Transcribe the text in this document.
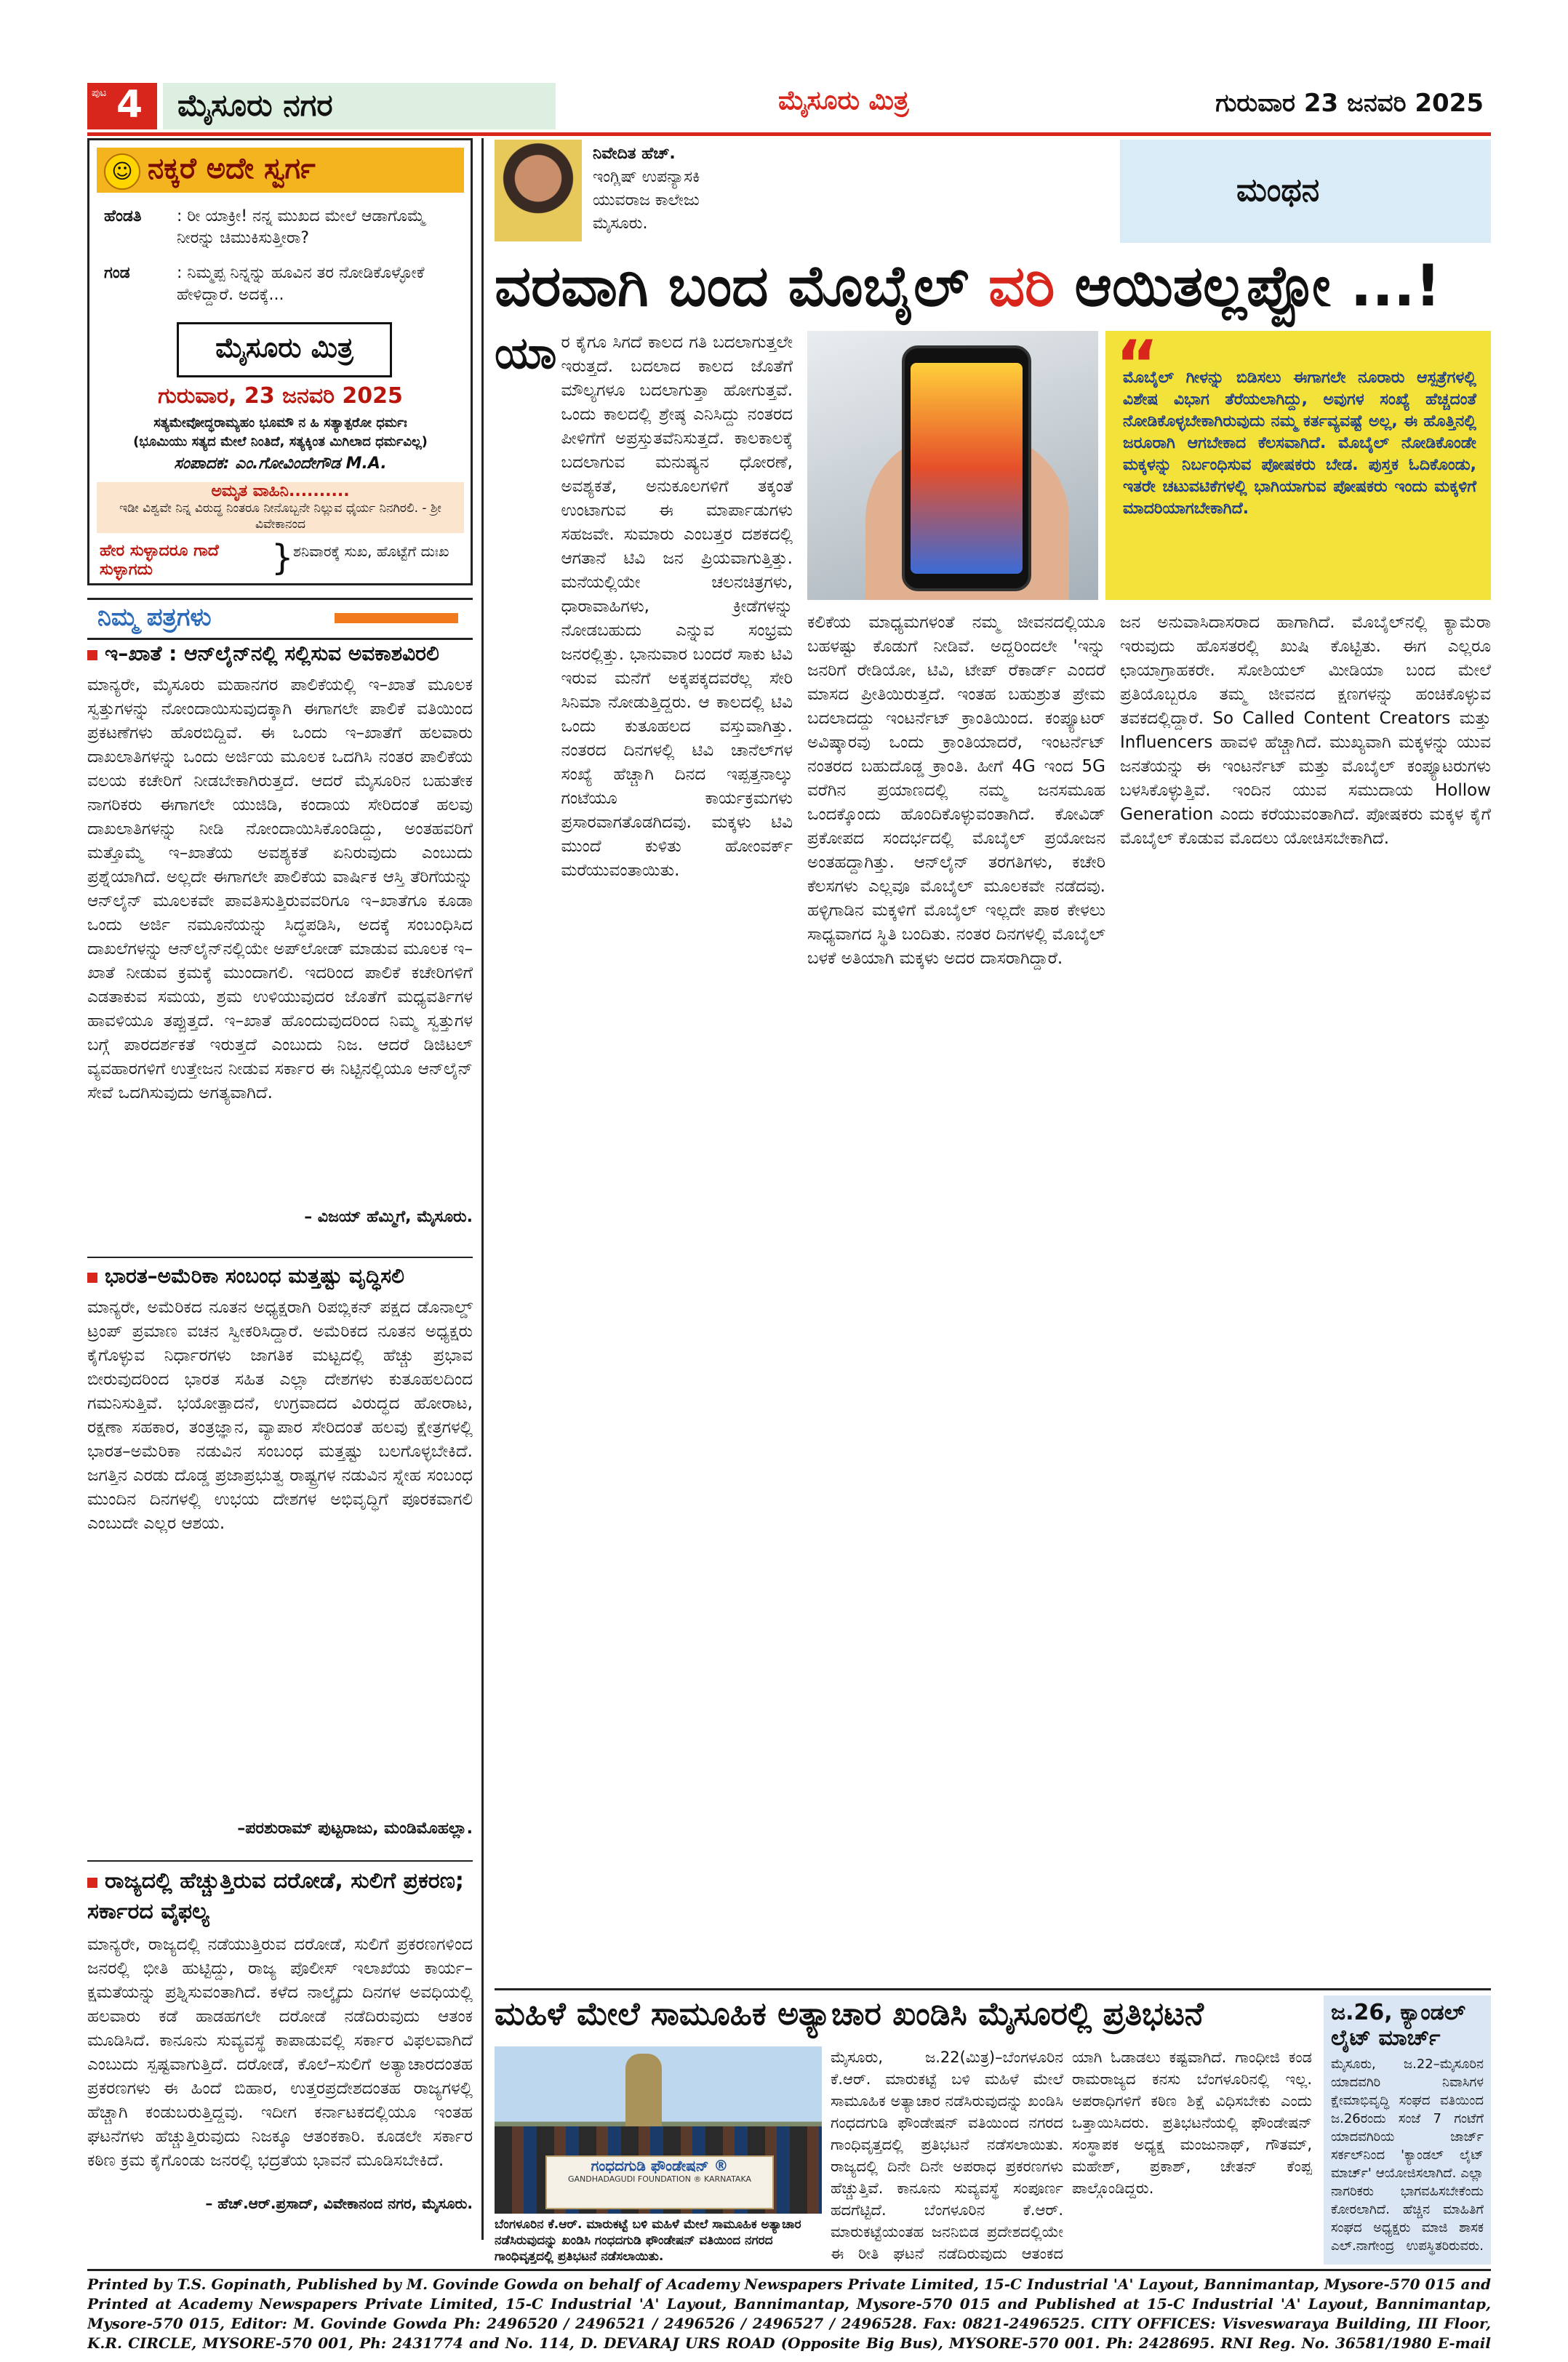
ಪುಟ 4 ಮೈಸೂರು ನಗರ	ಮೈಸೂರು ಮಿತ್ರ	ಗುರುವಾರ 23 ಜನವರಿ 2025
☺ ನಕ್ಕರೆ ಅದೇ ಸ್ವರ್ಗ
ಹೆಂಡತಿ : ರೀ ಯಾಕ್ರೀ! ನನ್ನ ಮುಖದ ಮೇಲೆ ಆಡಾಗೊಮ್ಮೆ ನೀರನ್ನು ಚಿಮುಕಿಸುತ್ತೀರಾ?
ಗಂಡ	: ನಿಮ್ಮಪ್ಪ ನಿನ್ನನ್ನು ಹೂವಿನ ತರ ನೋಡಿಕೊಳ್ಳೋಕೆ ಹೇಳಿದ್ದಾರೆ. ಅದಕ್ಕೆ...
ಮೈಸೂರು ಮಿತ್ರ
ಗುರುವಾರ, 23 ಜನವರಿ 2025
ಸತ್ಯಮೇವೋದ್ಧರಾಮ್ಯಹಂ ಭೂಮೌ ನ ಹಿ ಸತ್ಯಾತ್ಪರೋ ಧರ್ಮಃ
(ಭೂಮಿಯು ಸತ್ಯದ ಮೇಲೆ ನಿಂತಿದೆ, ಸತ್ಯಕ್ಕಿಂತ ಮಿಗಿಲಾದ ಧರ್ಮವಿಲ್ಲ)
ಸಂಪಾದಕ: ಎಂ.ಗೋವಿಂದೇಗೌಡ M.A.
ಅಮೃತ ವಾಹಿನಿ..........
ಇಡೀ ವಿಶ್ವವೇ ನಿನ್ನ ವಿರುದ್ಧ ನಿಂತರೂ ನೀನೊಬ್ಬನೇ ನಿಲ್ಲುವ ಧೈರ್ಯ ನಿನಗಿರಲಿ. - ಶ್ರೀ ವಿವೇಕಾನಂದ
ಹೇರ ಸುಳ್ಳಾದರೂ ಗಾದೆ ಸುಳ್ಳಾಗದು	} ಶನಿವಾರಕ್ಕೆ ಸುಖ, ಹೊಟ್ಟೆಗೆ ದುಃಖ
ನಿಮ್ಮ ಪತ್ರಗಳು
ಇ–ಖಾತೆ : ಆನ್‌ಲೈನ್‌ನಲ್ಲಿ ಸಲ್ಲಿಸುವ ಅವಕಾಶವಿರಲಿ
ಮಾನ್ಯರೇ, ಮೈಸೂರು ಮಹಾನಗರ ಪಾಲಿಕೆಯಲ್ಲಿ ಇ–ಖಾತೆ ಮೂಲಕ ಸ್ವತ್ತುಗಳನ್ನು ನೋಂದಾಯಿಸುವುದಕ್ಕಾಗಿ ಈಗಾಗಲೇ ಪಾಲಿಕೆ ವತಿಯಿಂದ ಪ್ರಕಟಣೆಗಳು ಹೊರಬಿದ್ದಿವೆ. ಈ ಒಂದು ಇ–ಖಾತೆಗೆ ಹಲವಾರು ದಾಖಲಾತಿಗಳನ್ನು ಒಂದು ಅರ್ಜಿಯ ಮೂಲಕ ಒದಗಿಸಿ ನಂತರ ಪಾಲಿಕೆಯ ವಲಯ ಕಚೇರಿಗೆ ನೀಡಬೇಕಾಗಿರುತ್ತದೆ. ಆದರೆ ಮೈಸೂರಿನ ಬಹುತೇಕ ನಾಗರಿಕರು ಈಗಾಗಲೇ ಯುಜಿಡಿ, ಕಂದಾಯ ಸೇರಿದಂತೆ ಹಲವು ದಾಖಲಾತಿಗಳನ್ನು ನೀಡಿ ನೋಂದಾಯಿಸಿಕೊಂಡಿದ್ದು, ಅಂತಹವರಿಗೆ ಮತ್ತೊಮ್ಮೆ ಇ–ಖಾತೆಯ ಅವಶ್ಯಕತೆ ಏನಿರುವುದು ಎಂಬುದು ಪ್ರಶ್ನೆಯಾಗಿದೆ. ಅಲ್ಲದೇ ಈಗಾಗಲೇ ಪಾಲಿಕೆಯ ವಾರ್ಷಿಕ ಆಸ್ತಿ ತೆರಿಗೆಯನ್ನು ಆನ್‌ಲೈನ್ ಮೂಲಕವೇ ಪಾವತಿಸುತ್ತಿರುವವರಿಗೂ ಇ–ಖಾತೆಗೂ ಕೂಡಾ ಒಂದು ಅರ್ಜಿ ನಮೂನೆಯನ್ನು ಸಿದ್ಧಪಡಿಸಿ, ಅದಕ್ಕೆ ಸಂಬಂಧಿಸಿದ ದಾಖಲೆಗಳನ್ನು ಆನ್‌ಲೈನ್‌ನಲ್ಲಿಯೇ ಅಪ್‌ಲೋಡ್ ಮಾಡುವ ಮೂಲಕ ಇ–ಖಾತೆ ನೀಡುವ ಕ್ರಮಕ್ಕೆ ಮುಂದಾಗಲಿ. ಇದರಿಂದ ಪಾಲಿಕೆ ಕಚೇರಿಗಳಿಗೆ ಎಡತಾಕುವ ಸಮಯ, ಶ್ರಮ ಉಳಿಯುವುದರ ಜೊತೆಗೆ ಮಧ್ಯವರ್ತಿಗಳ ಹಾವಳಿಯೂ ತಪ್ಪುತ್ತದೆ. ಇ–ಖಾತೆ ಹೊಂದುವುದರಿಂದ ನಿಮ್ಮ ಸ್ವತ್ತುಗಳ ಬಗ್ಗೆ ಪಾರದರ್ಶಕತೆ ಇರುತ್ತದೆ ಎಂಬುದು ನಿಜ. ಆದರೆ ಡಿಜಿಟಲ್ ವ್ಯವಹಾರಗಳಿಗೆ ಉತ್ತೇಜನ ನೀಡುವ ಸರ್ಕಾರ ಈ ನಿಟ್ಟಿನಲ್ಲಿಯೂ ಆನ್‌ಲೈನ್ ಸೇವೆ ಒದಗಿಸುವುದು ಅಗತ್ಯವಾಗಿದೆ.
– ವಿಜಯ್ ಹೆಮ್ಮಿಗೆ, ಮೈಸೂರು.
ಭಾರತ–ಅಮೆರಿಕಾ ಸಂಬಂಧ ಮತ್ತಷ್ಟು ವೃದ್ಧಿಸಲಿ
ಮಾನ್ಯರೇ, ಅಮೆರಿಕದ ನೂತನ ಅಧ್ಯಕ್ಷರಾಗಿ ರಿಪಬ್ಲಿಕನ್ ಪಕ್ಷದ ಡೊನಾಲ್ಡ್ ಟ್ರಂಪ್ ಪ್ರಮಾಣ ವಚನ ಸ್ವೀಕರಿಸಿದ್ದಾರೆ. ಅಮೆರಿಕದ ನೂತನ ಅಧ್ಯಕ್ಷರು ಕೈಗೊಳ್ಳುವ ನಿರ್ಧಾರಗಳು ಜಾಗತಿಕ ಮಟ್ಟದಲ್ಲಿ ಹೆಚ್ಚು ಪ್ರಭಾವ ಬೀರುವುದರಿಂದ ಭಾರತ ಸಹಿತ ಎಲ್ಲಾ ದೇಶಗಳು ಕುತೂಹಲದಿಂದ ಗಮನಿಸುತ್ತಿವೆ. ಭಯೋತ್ಪಾದನೆ, ಉಗ್ರವಾದದ ವಿರುದ್ಧದ ಹೋರಾಟ, ರಕ್ಷಣಾ ಸಹಕಾರ, ತಂತ್ರಜ್ಞಾನ, ವ್ಯಾಪಾರ ಸೇರಿದಂತೆ ಹಲವು ಕ್ಷೇತ್ರಗಳಲ್ಲಿ ಭಾರತ–ಅಮೆರಿಕಾ ನಡುವಿನ ಸಂಬಂಧ ಮತ್ತಷ್ಟು ಬಲಗೊಳ್ಳಬೇಕಿದೆ. ಜಗತ್ತಿನ ಎರಡು ದೊಡ್ಡ ಪ್ರಜಾಪ್ರಭುತ್ವ ರಾಷ್ಟ್ರಗಳ ನಡುವಿನ ಸ್ನೇಹ ಸಂಬಂಧ ಮುಂದಿನ ದಿನಗಳಲ್ಲಿ ಉಭಯ ದೇಶಗಳ ಅಭಿವೃದ್ಧಿಗೆ ಪೂರಕವಾಗಲಿ ಎಂಬುದೇ ಎಲ್ಲರ ಆಶಯ.
–ಪರಶುರಾಮ್ ಪುಟ್ಟರಾಜು, ಮಂಡಿಮೊಹಲ್ಲಾ.
ರಾಜ್ಯದಲ್ಲಿ ಹೆಚ್ಚುತ್ತಿರುವ ದರೋಡೆ, ಸುಲಿಗೆ ಪ್ರಕರಣ; ಸರ್ಕಾರದ ವೈಫಲ್ಯ
ಮಾನ್ಯರೇ, ರಾಜ್ಯದಲ್ಲಿ ನಡೆಯುತ್ತಿರುವ ದರೋಡೆ, ಸುಲಿಗೆ ಪ್ರಕರಣಗಳಿಂದ ಜನರಲ್ಲಿ ಭೀತಿ ಹುಟ್ಟಿದ್ದು, ರಾಜ್ಯ ಪೊಲೀಸ್ ಇಲಾಖೆಯ ಕಾರ್ಯ–ಕ್ಷಮತೆಯನ್ನು ಪ್ರಶ್ನಿಸುವಂತಾಗಿದೆ. ಕಳೆದ ನಾಲ್ಕೈದು ದಿನಗಳ ಅವಧಿಯಲ್ಲಿ ಹಲವಾರು ಕಡೆ ಹಾಡಹಗಲೇ ದರೋಡೆ ನಡೆದಿರುವುದು ಆತಂಕ ಮೂಡಿಸಿದೆ. ಕಾನೂನು ಸುವ್ಯವಸ್ಥೆ ಕಾಪಾಡುವಲ್ಲಿ ಸರ್ಕಾರ ವಿಫಲವಾಗಿದೆ ಎಂಬುದು ಸ್ಪಷ್ಟವಾಗುತ್ತಿದೆ. ದರೋಡೆ, ಕೊಲೆ–ಸುಲಿಗೆ ಅತ್ಯಾಚಾರದಂತಹ ಪ್ರಕರಣಗಳು ಈ ಹಿಂದೆ ಬಿಹಾರ, ಉತ್ತರಪ್ರದೇಶದಂತಹ ರಾಜ್ಯಗಳಲ್ಲಿ ಹೆಚ್ಚಾಗಿ ಕಂಡುಬರುತ್ತಿದ್ದವು. ಇದೀಗ ಕರ್ನಾಟಕದಲ್ಲಿಯೂ ಇಂತಹ ಘಟನೆಗಳು ಹೆಚ್ಚುತ್ತಿರುವುದು ನಿಜಕ್ಕೂ ಆತಂಕಕಾರಿ. ಕೂಡಲೇ ಸರ್ಕಾರ ಕಠಿಣ ಕ್ರಮ ಕೈಗೊಂಡು ಜನರಲ್ಲಿ ಭದ್ರತೆಯ ಭಾವನೆ ಮೂಡಿಸಬೇಕಿದೆ.
– ಹೆಚ್.ಆರ್.ಪ್ರಸಾದ್, ವಿವೇಕಾನಂದ ನಗರ, ಮೈಸೂರು.
ನಿವೇದಿತ ಹೆಚ್.
ಇಂಗ್ಲಿಷ್ ಉಪನ್ಯಾಸಕಿ
ಯುವರಾಜ ಕಾಲೇಜು
ಮೈಸೂರು.
ಮಂಥನ
ವರವಾಗಿ ಬಂದ ಮೊಬೈಲ್ ವರಿ ಆಯಿತಲ್ಲಪ್ಪೋ ...!
ಯಾ ರ ಕೈಗೂ ಸಿಗದೆ ಕಾಲದ ಗತಿ ಬದಲಾಗುತ್ತಲೇ ಇರುತ್ತದೆ. ಬದಲಾದ ಕಾಲದ ಜೊತೆಗೆ ಮೌಲ್ಯಗಳೂ ಬದಲಾಗುತ್ತಾ ಹೋಗುತ್ತವೆ. ಒಂದು ಕಾಲದಲ್ಲಿ ಶ್ರೇಷ್ಠ ಎನಿಸಿದ್ದು ನಂತರದ ಪೀಳಿಗೆಗೆ ಅಪ್ರಸ್ತುತವೆನಿಸುತ್ತದೆ. ಕಾಲಕಾಲಕ್ಕೆ ಬದಲಾಗುವ ಮನುಷ್ಯನ ಧೋರಣೆ, ಅವಶ್ಯಕತೆ, ಅನುಕೂಲಗಳಿಗೆ ತಕ್ಕಂತೆ ಉಂಟಾಗುವ ಈ ಮಾರ್ಪಾಡುಗಳು ಸಹಜವೇ. ಸುಮಾರು ಎಂಬತ್ತರ ದಶಕದಲ್ಲಿ ಆಗತಾನೆ ಟಿವಿ ಜನ ಪ್ರಿಯವಾಗುತ್ತಿತ್ತು. ಮನೆಯಲ್ಲಿಯೇ ಚಲನಚಿತ್ರಗಳು, ಧಾರಾವಾಹಿಗಳು, ಕ್ರೀಡೆಗಳನ್ನು ನೋಡಬಹುದು ಎನ್ನುವ ಸಂಭ್ರಮ ಜನರಲ್ಲಿತ್ತು. ಭಾನುವಾರ ಬಂದರೆ ಸಾಕು ಟಿವಿ ಇರುವ ಮನೆಗೆ ಅಕ್ಕಪಕ್ಕದವರೆಲ್ಲ ಸೇರಿ ಸಿನಿಮಾ ನೋಡುತ್ತಿದ್ದರು. ಆ ಕಾಲದಲ್ಲಿ ಟಿವಿ ಒಂದು ಕುತೂಹಲದ ವಸ್ತುವಾಗಿತ್ತು. ನಂತರದ ದಿನಗಳಲ್ಲಿ ಟಿವಿ ಚಾನೆಲ್‌ಗಳ ಸಂಖ್ಯೆ ಹೆಚ್ಚಾಗಿ ದಿನದ ಇಪ್ಪತ್ತನಾಲ್ಕು ಗಂಟೆಯೂ ಕಾರ್ಯಕ್ರಮಗಳು ಪ್ರಸಾರವಾಗತೊಡಗಿದವು. ಮಕ್ಕಳು ಟಿವಿ ಮುಂದೆ ಕುಳಿತು ಹೋಂವರ್ಕ್ ಮರೆಯುವಂತಾಯಿತು.
“
ಮೊಬೈಲ್ ಗೀಳನ್ನು ಬಿಡಿಸಲು ಈಗಾಗಲೇ ನೂರಾರು ಆಸ್ಪತ್ರೆಗಳಲ್ಲಿ ವಿಶೇಷ ವಿಭಾಗ ತೆರೆಯಲಾಗಿದ್ದು, ಅವುಗಳ ಸಂಖ್ಯೆ ಹೆಚ್ಚದಂತೆ ನೋಡಿಕೊಳ್ಳಬೇಕಾಗಿರುವುದು ನಮ್ಮ ಕರ್ತವ್ಯವಷ್ಟೆ ಅಲ್ಲ, ಈ ಹೊತ್ತಿನಲ್ಲಿ ಜರೂರಾಗಿ ಆಗಬೇಕಾದ ಕೆಲಸವಾಗಿದೆ. ಮೊಬೈಲ್ ನೋಡಿಕೊಂಡೇ ಮಕ್ಕಳನ್ನು ನಿರ್ಬಂಧಿಸುವ ಪೋಷಕರು ಬೇಡ. ಪುಸ್ತಕ ಓದಿಕೊಂಡು, ಇತರೇ ಚಟುವಟಿಕೆಗಳಲ್ಲಿ ಭಾಗಿಯಾಗುವ ಪೋಷಕರು ಇಂದು ಮಕ್ಕಳಿಗೆ ಮಾದರಿಯಾಗಬೇಕಾಗಿದೆ.
ಕಲಿಕೆಯ ಮಾಧ್ಯಮಗಳಂತೆ ನಮ್ಮ ಜೀವನದಲ್ಲಿಯೂ ಬಹಳಷ್ಟು ಕೊಡುಗೆ ನೀಡಿವೆ. ಅದ್ದರಿಂದಲೇ 'ಇನ್ನು ಜನರಿಗೆ ರೇಡಿಯೋ, ಟಿವಿ, ಟೇಪ್ ರೆಕಾರ್ಡ್ ಎಂದರೆ ಮಾಸದ ಪ್ರೀತಿಯಿರುತ್ತದೆ. ಇಂತಹ ಬಹುಶ್ರುತ ಪ್ರೇಮ ಬದಲಾದದ್ದು ಇಂಟರ್ನೆಟ್ ಕ್ರಾಂತಿಯಿಂದ. ಕಂಪ್ಯೂಟರ್ ಅವಿಷ್ಕಾರವು ಒಂದು ಕ್ರಾಂತಿಯಾದರೆ, ಇಂಟರ್ನೆಟ್ ನಂತರದ ಬಹುದೊಡ್ಡ ಕ್ರಾಂತಿ. ಹೀಗೆ 4G ಇಂದ 5G ವರೆಗಿನ ಪ್ರಯಾಣದಲ್ಲಿ ನಮ್ಮ ಜನಸಮೂಹ ಒಂದಕ್ಕೊಂದು ಹೊಂದಿಕೊಳ್ಳುವಂತಾಗಿದೆ. ಕೋವಿಡ್ ಪ್ರಕೋಪದ ಸಂದರ್ಭದಲ್ಲಿ ಮೊಬೈಲ್ ಪ್ರಯೋಜನ ಅಂತಹದ್ದಾಗಿತ್ತು. ಆನ್‌ಲೈನ್ ತರಗತಿಗಳು, ಕಚೇರಿ ಕೆಲಸಗಳು ಎಲ್ಲವೂ ಮೊಬೈಲ್ ಮೂಲಕವೇ ನಡೆದವು. ಹಳ್ಳಿಗಾಡಿನ ಮಕ್ಕಳಿಗೆ ಮೊಬೈಲ್ ಇಲ್ಲದೇ ಪಾಠ ಕೇಳಲು ಸಾಧ್ಯವಾಗದ ಸ್ಥಿತಿ ಬಂದಿತು. ನಂತರ ದಿನಗಳಲ್ಲಿ ಮೊಬೈಲ್ ಬಳಕೆ ಅತಿಯಾಗಿ ಮಕ್ಕಳು ಅದರ ದಾಸರಾಗಿದ್ದಾರೆ.
ಜನ ಅನುವಾಸಿದಾಸರಾದ ಹಾಗಾಗಿದೆ. ಮೊಬೈಲ್‌ನಲ್ಲಿ ಕ್ಯಾಮೆರಾ ಇರುವುದು ಹೊಸತರಲ್ಲಿ ಖುಷಿ ಕೊಟ್ಟಿತು. ಈಗ ಎಲ್ಲರೂ ಛಾಯಾಗ್ರಾಹಕರೇ. ಸೋಶಿಯಲ್ ಮೀಡಿಯಾ ಬಂದ ಮೇಲೆ ಪ್ರತಿಯೊಬ್ಬರೂ ತಮ್ಮ ಜೀವನದ ಕ್ಷಣಗಳನ್ನು ಹಂಚಿಕೊಳ್ಳುವ ತವಕದಲ್ಲಿದ್ದಾರೆ. So Called Content Creators ಮತ್ತು Influencers ಹಾವಳಿ ಹೆಚ್ಚಾಗಿದೆ. ಮುಖ್ಯವಾಗಿ ಮಕ್ಕಳನ್ನು ಯುವ ಜನತೆಯನ್ನು ಈ ಇಂಟರ್ನೆಟ್ ಮತ್ತು ಮೊಬೈಲ್ ಕಂಪ್ಯೂಟರುಗಳು ಬಳಸಿಕೊಳ್ಳುತ್ತಿವೆ. ಇಂದಿನ ಯುವ ಸಮುದಾಯ Hollow Generation ಎಂದು ಕರೆಯುವಂತಾಗಿದೆ. ಪೋಷಕರು ಮಕ್ಕಳ ಕೈಗೆ ಮೊಬೈಲ್ ಕೊಡುವ ಮೊದಲು ಯೋಚಿಸಬೇಕಾಗಿದೆ.
ಮಹಿಳೆ ಮೇಲೆ ಸಾಮೂಹಿಕ ಅತ್ಯಾಚಾರ ಖಂಡಿಸಿ ಮೈಸೂರಲ್ಲಿ ಪ್ರತಿಭಟನೆ
ಗಂಧದಗುಡಿ ಫೌಂಡೇಷನ್ ®
GANDHADAGUDI FOUNDATION ® KARNATAKA
ಬೆಂಗಳೂರಿನ ಕೆ.ಆರ್. ಮಾರುಕಟ್ಟೆ ಬಳಿ ಮಹಿಳೆ ಮೇಲೆ ಸಾಮೂಹಿಕ ಅತ್ಯಾಚಾರ ನಡೆಸಿರುವುದನ್ನು ಖಂಡಿಸಿ ಗಂಧದಗುಡಿ ಫೌಂಡೇಷನ್ ವತಿಯಿಂದ ನಗರದ ಗಾಂಧಿವೃತ್ತದಲ್ಲಿ ಪ್ರತಿಭಟನೆ ನಡೆಸಲಾಯಿತು.
ಮೈಸೂರು, ಜ.22(ಮಿತ್ರ)–ಬೆಂಗಳೂರಿನ ಕೆ.ಆರ್. ಮಾರುಕಟ್ಟೆ ಬಳಿ ಮಹಿಳೆ ಮೇಲೆ ಸಾಮೂಹಿಕ ಅತ್ಯಾಚಾರ ನಡೆಸಿರುವುದನ್ನು ಖಂಡಿಸಿ ಗಂಧದಗುಡಿ ಫೌಂಡೇಷನ್ ವತಿಯಿಂದ ನಗರದ ಗಾಂಧಿವೃತ್ತದಲ್ಲಿ ಪ್ರತಿಭಟನೆ ನಡೆಸಲಾಯಿತು. ರಾಜ್ಯದಲ್ಲಿ ದಿನೇ ದಿನೇ ಅಪರಾಧ ಪ್ರಕರಣಗಳು ಹೆಚ್ಚುತ್ತಿವೆ. ಕಾನೂನು ಸುವ್ಯವಸ್ಥೆ ಸಂಪೂರ್ಣ ಹದಗೆಟ್ಟಿದೆ. ಬೆಂಗಳೂರಿನ ಕೆ.ಆರ್. ಮಾರುಕಟ್ಟೆಯಂತಹ ಜನನಿಬಿಡ ಪ್ರದೇಶದಲ್ಲಿಯೇ ಈ ರೀತಿ ಘಟನೆ ನಡೆದಿರುವುದು ಆತಂಕದ
ಯಾಗಿ ಓಡಾಡಲು ಕಷ್ಟವಾಗಿದೆ. ಗಾಂಧೀಜಿ ಕಂಡ ರಾಮರಾಜ್ಯದ ಕನಸು ಬೆಂಗಳೂರಿನಲ್ಲಿ ಇಲ್ಲ. ಅಪರಾಧಿಗಳಿಗೆ ಕಠಿಣ ಶಿಕ್ಷೆ ವಿಧಿಸಬೇಕು ಎಂದು ಒತ್ತಾಯಿಸಿದರು. ಪ್ರತಿಭಟನೆಯಲ್ಲಿ ಫೌಂಡೇಷನ್ ಸಂಸ್ಥಾಪಕ ಅಧ್ಯಕ್ಷ ಮಂಜುನಾಥ್, ಗೌತಮ್, ಮಹೇಶ್, ಪ್ರಕಾಶ್, ಚೇತನ್ ಕೆಂಪ್ಪ ಪಾಲ್ಗೊಂಡಿದ್ದರು.
ಜ.26, ಕ್ಯಾಂಡಲ್
ಲೈಟ್ ಮಾರ್ಚ್
ಮೈಸೂರು, ಜ.22–ಮೈಸೂರಿನ ಯಾದವಗಿರಿ ನಿವಾಸಿಗಳ ಕ್ಷೇಮಾಭಿವೃದ್ಧಿ ಸಂಘದ ವತಿಯಿಂದ ಜ.26ರಂದು ಸಂಜೆ 7 ಗಂಟೆಗೆ ಯಾದವಗಿರಿಯ ಜಾರ್ಜ್ ಸರ್ಕಲ್‌ನಿಂದ 'ಕ್ಯಾಂಡಲ್ ಲೈಟ್ ಮಾರ್ಚ್' ಆಯೋಜಿಸಲಾಗಿದೆ. ಎಲ್ಲಾ ನಾಗರಿಕರು ಭಾಗವಹಿಸಬೇಕೆಂದು ಕೋರಲಾಗಿದೆ. ಹೆಚ್ಚಿನ ಮಾಹಿತಿಗೆ ಸಂಘದ ಅಧ್ಯಕ್ಷರು ಮಾಜಿ ಶಾಸಕ ಎಲ್.ನಾಗೇಂದ್ರ ಉಪಸ್ಥಿತರಿರುವರು.
Printed by T.S. Gopinath, Published by M. Govinde Gowda on behalf of Academy Newspapers Private Limited, 15-C Industrial 'A' Layout, Bannimantap, Mysore-570 015 and Printed at Academy Newspapers Private Limited, 15-C Industrial 'A' Layout, Bannimantap, Mysore-570 015 and Published at 15-C Industrial 'A' Layout, Bannimantap, Mysore-570 015, Editor: M. Govinde Gowda Ph: 2496520 / 2496521 / 2496526 / 2496527 / 2496528. Fax: 0821-2496525. CITY OFFICES: Visveswaraya Building, III Floor, K.R. CIRCLE, MYSORE-570 001, Ph: 2431774 and No. 114, D. DEVARAJ URS ROAD (Opposite Big Bus), MYSORE-570 001. Ph: 2428695. RNI Reg. No. 36581/1980 E-mail
